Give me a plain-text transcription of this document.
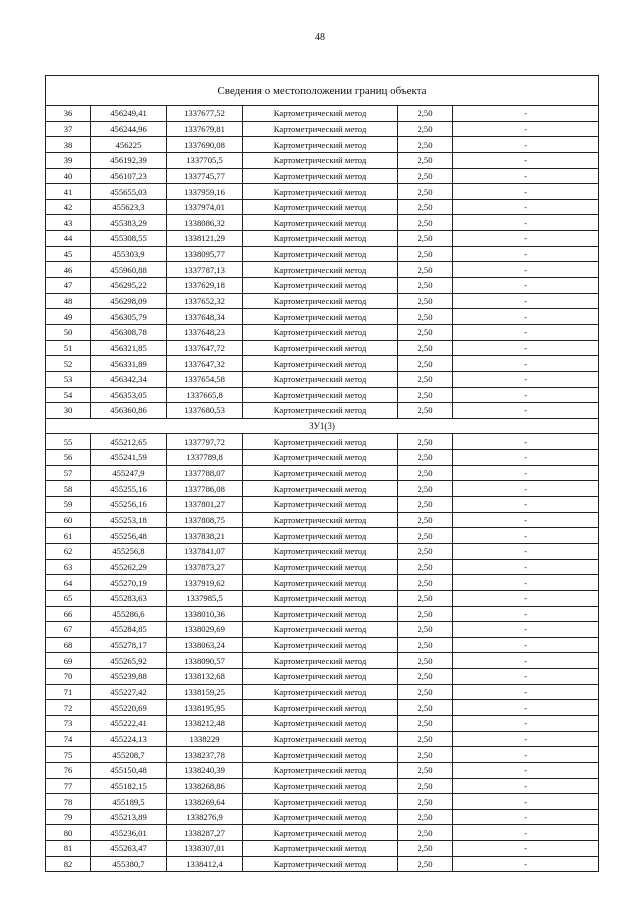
48
Сведения о местоположении границ объекта					
36	456249,41	1337677,52	Картометрический метод	2,50	-
37	456244,96	1337679,81	Картометрический метод	2,50	-
38	456225	1337690,08	Картометрический метод	2,50	-
39	456192,39	1337705,5	Картометрический метод	2,50	-
40	456107,23	1337745,77	Картометрический метод	2,50	-
41	455655,03	1337959,16	Картометрический метод	2,50	-
42	455623,3	1337974,01	Картометрический метод	2,50	-
43	455383,29	1338086,32	Картометрический метод	2,50	-
44	455308,55	1338121,29	Картометрический метод	2,50	-
45	455303,9	1338095,77	Картометрический метод	2,50	-
46	455960,88	1337787,13	Картометрический метод	2,50	-
47	456295,22	1337629,18	Картометрический метод	2,50	-
48	456298,09	1337652,32	Картометрический метод	2,50	-
49	456305,79	1337648,34	Картометрический метод	2,50	-
50	456308,78	1337648,23	Картометрический метод	2,50	-
51	456321,85	1337647,72	Картометрический метод	2,50	-
52	456331,89	1337647,32	Картометрический метод	2,50	-
53	456342,34	1337654,58	Картометрический метод	2,50	-
54	456353,05	1337665,8	Картометрический метод	2,50	-
30	456360,86	1337680,53	Картометрический метод	2,50	-
ЗУ1(3)					
55	455212,65	1337797,72	Картометрический метод	2,50	-
56	455241,59	1337789,8	Картометрический метод	2,50	-
57	455247,9	1337788,07	Картометрический метод	2,50	-
58	455255,16	1337786,08	Картометрический метод	2,50	-
59	455256,16	1337801,27	Картометрический метод	2,50	-
60	455253,18	1337808,75	Картометрический метод	2,50	-
61	455256,48	1337838,21	Картометрический метод	2,50	-
62	455256,8	1337841,07	Картометрический метод	2,50	-
63	455262,29	1337873,27	Картометрический метод	2,50	-
64	455270,19	1337919,62	Картометрический метод	2,50	-
65	455283,63	1337985,5	Картометрический метод	2,50	-
66	455286,6	1338010,36	Картометрический метод	2,50	-
67	455284,85	1338029,69	Картометрический метод	2,50	-
68	455278,17	1338063,24	Картометрический метод	2,50	-
69	455265,92	1338090,57	Картометрический метод	2,50	-
70	455239,88	1338132,68	Картометрический метод	2,50	-
71	455227,42	1338159,25	Картометрический метод	2,50	-
72	455220,69	1338195,95	Картометрический метод	2,50	-
73	455222,41	1338212,48	Картометрический метод	2,50	-
74	455224,13	1338229	Картометрический метод	2,50	-
75	455208,7	1338237,78	Картометрический метод	2,50	-
76	455150,48	1338240,39	Картометрический метод	2,50	-
77	455182,15	1338268,86	Картометрический метод	2,50	-
78	455189,5	1338269,64	Картометрический метод	2,50	-
79	455213,89	1338276,9	Картометрический метод	2,50	-
80	455236,01	1338287,27	Картометрический метод	2,50	-
81	455263,47	1338307,01	Картометрический метод	2,50	-
82	455380,7	1338412,4	Картометрический метод	2,50	-
